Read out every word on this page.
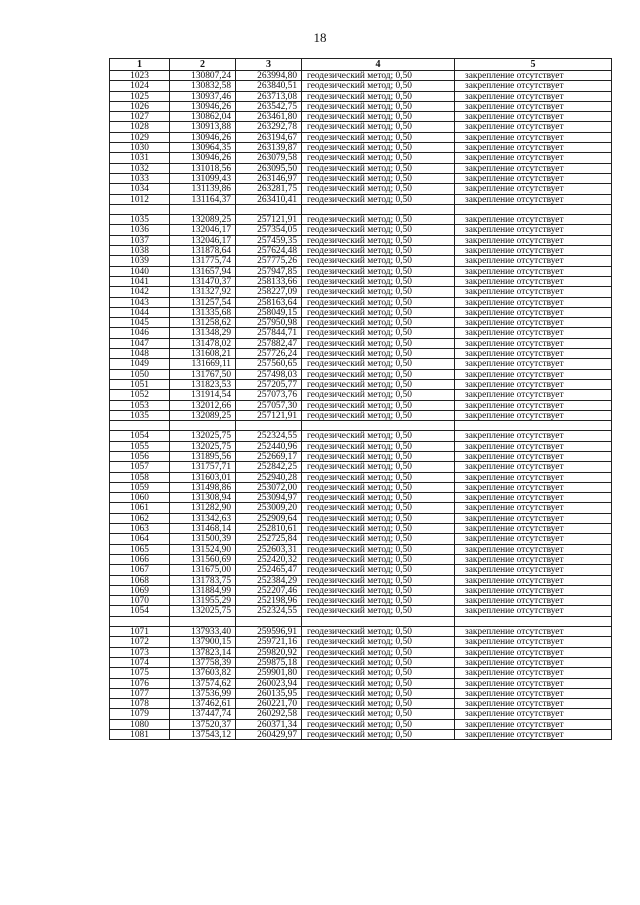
18
1	2	3	4	5
1023	130807,24	263994,80	геодезический метод; 0,50	закрепление отсутствует
1024	130832,58	263840,51	геодезический метод; 0,50	закрепление отсутствует
1025	130937,46	263713,08	геодезический метод; 0,50	закрепление отсутствует
1026	130946,26	263542,75	геодезический метод; 0,50	закрепление отсутствует
1027	130862,04	263461,80	геодезический метод; 0,50	закрепление отсутствует
1028	130913,88	263292,78	геодезический метод; 0,50	закрепление отсутствует
1029	130946,26	263194,67	геодезический метод; 0,50	закрепление отсутствует
1030	130964,35	263139,87	геодезический метод; 0,50	закрепление отсутствует
1031	130946,26	263079,58	геодезический метод; 0,50	закрепление отсутствует
1032	131018,56	263095,50	геодезический метод; 0,50	закрепление отсутствует
1033	131099,43	263146,97	геодезический метод; 0,50	закрепление отсутствует
1034	131139,86	263281,75	геодезический метод; 0,50	закрепление отсутствует
1012	131164,37	263410,41	геодезический метод; 0,50	закрепление отсутствует
1035	132089,25	257121,91	геодезический метод; 0,50	закрепление отсутствует
1036	132046,17	257354,05	геодезический метод; 0,50	закрепление отсутствует
1037	132046,17	257459,35	геодезический метод; 0,50	закрепление отсутствует
1038	131878,64	257624,48	геодезический метод; 0,50	закрепление отсутствует
1039	131775,74	257775,26	геодезический метод; 0,50	закрепление отсутствует
1040	131657,94	257947,85	геодезический метод; 0,50	закрепление отсутствует
1041	131470,37	258133,66	геодезический метод; 0,50	закрепление отсутствует
1042	131327,92	258227,09	геодезический метод; 0,50	закрепление отсутствует
1043	131257,54	258163,64	геодезический метод; 0,50	закрепление отсутствует
1044	131335,68	258049,15	геодезический метод; 0,50	закрепление отсутствует
1045	131258,62	257950,98	геодезический метод; 0,50	закрепление отсутствует
1046	131348,29	257844,71	геодезический метод; 0,50	закрепление отсутствует
1047	131478,02	257882,47	геодезический метод; 0,50	закрепление отсутствует
1048	131608,21	257726,24	геодезический метод; 0,50	закрепление отсутствует
1049	131669,11	257560,65	геодезический метод; 0,50	закрепление отсутствует
1050	131767,50	257498,03	геодезический метод; 0,50	закрепление отсутствует
1051	131823,53	257205,77	геодезический метод; 0,50	закрепление отсутствует
1052	131914,54	257073,76	геодезический метод; 0,50	закрепление отсутствует
1053	132012,66	257057,30	геодезический метод; 0,50	закрепление отсутствует
1035	132089,25	257121,91	геодезический метод; 0,50	закрепление отсутствует
1054	132025,75	252324,55	геодезический метод; 0,50	закрепление отсутствует
1055	132025,75	252440,96	геодезический метод; 0,50	закрепление отсутствует
1056	131895,56	252669,17	геодезический метод; 0,50	закрепление отсутствует
1057	131757,71	252842,25	геодезический метод; 0,50	закрепление отсутствует
1058	131603,01	252940,28	геодезический метод; 0,50	закрепление отсутствует
1059	131498,86	253072,00	геодезический метод; 0,50	закрепление отсутствует
1060	131308,94	253094,97	геодезический метод; 0,50	закрепление отсутствует
1061	131282,90	253009,20	геодезический метод; 0,50	закрепление отсутствует
1062	131342,63	252909,64	геодезический метод; 0,50	закрепление отсутствует
1063	131468,14	252810,61	геодезический метод; 0,50	закрепление отсутствует
1064	131500,39	252725,84	геодезический метод; 0,50	закрепление отсутствует
1065	131524,90	252603,31	геодезический метод; 0,50	закрепление отсутствует
1066	131560,69	252420,32	геодезический метод; 0,50	закрепление отсутствует
1067	131675,00	252465,47	геодезический метод; 0,50	закрепление отсутствует
1068	131783,75	252384,29	геодезический метод; 0,50	закрепление отсутствует
1069	131884,99	252207,46	геодезический метод; 0,50	закрепление отсутствует
1070	131955,29	252198,96	геодезический метод; 0,50	закрепление отсутствует
1054	132025,75	252324,55	геодезический метод; 0,50	закрепление отсутствует
1071	137933,40	259596,91	геодезический метод; 0,50	закрепление отсутствует
1072	137900,15	259721,16	геодезический метод; 0,50	закрепление отсутствует
1073	137823,14	259820,92	геодезический метод; 0,50	закрепление отсутствует
1074	137758,39	259875,18	геодезический метод; 0,50	закрепление отсутствует
1075	137603,82	259901,80	геодезический метод; 0,50	закрепление отсутствует
1076	137574,62	260023,94	геодезический метод; 0,50	закрепление отсутствует
1077	137536,99	260135,95	геодезический метод; 0,50	закрепление отсутствует
1078	137462,61	260221,70	геодезический метод; 0,50	закрепление отсутствует
1079	137447,74	260292,58	геодезический метод; 0,50	закрепление отсутствует
1080	137520,37	260371,34	геодезический метод; 0,50	закрепление отсутствует
1081	137543,12	260429,97	геодезический метод; 0,50	закрепление отсутствует
